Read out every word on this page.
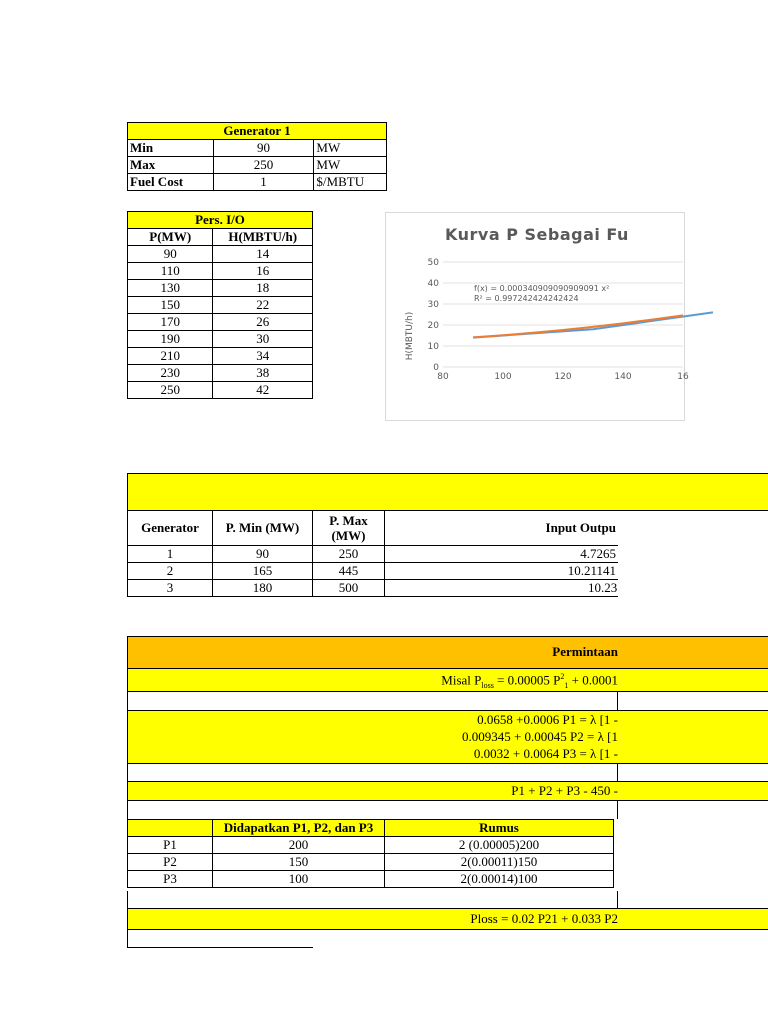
Generator 1		
Min	90	MW
Max	250	MW
Fuel Cost	1	$/MBTU
Pers. I/O	
P(MW)	H(MBTU/h)
90	14
110	16
130	18
150	22
170	26
190	30
210	34
230	38
250	42
Kurva P Sebagai Fu
H(MBTU/h)
0
10
20
30
40
50
80	100	120	140	16
f(x) = 0.000340909090909091 x²
R² = 0.997242424242424
Generator	P. Min (MW)	P. Max (MW)	Input Outpu
1	90	250	4.7265
2	165	445	10.21141
3	180	500	10.23
Permintaan
Misal $P_{loss} = 0.00005$ $P^2_1 + 0.0001$
0.0658 +0.0006 P1 = λ [1 -
0.009345 + 0.00045 P2 = λ [1
0.0032 + 0.0064 P3 = λ [1 -
P1 + P2 + P3 - 450 -
	Didapatkan P1, P2, dan P3	Rumus
P1	200	2 (0.00005)200
P2	150	2(0.00011)150
P3	100	2(0.00014)100
Ploss = 0.02 P21 + 0.033 P2
